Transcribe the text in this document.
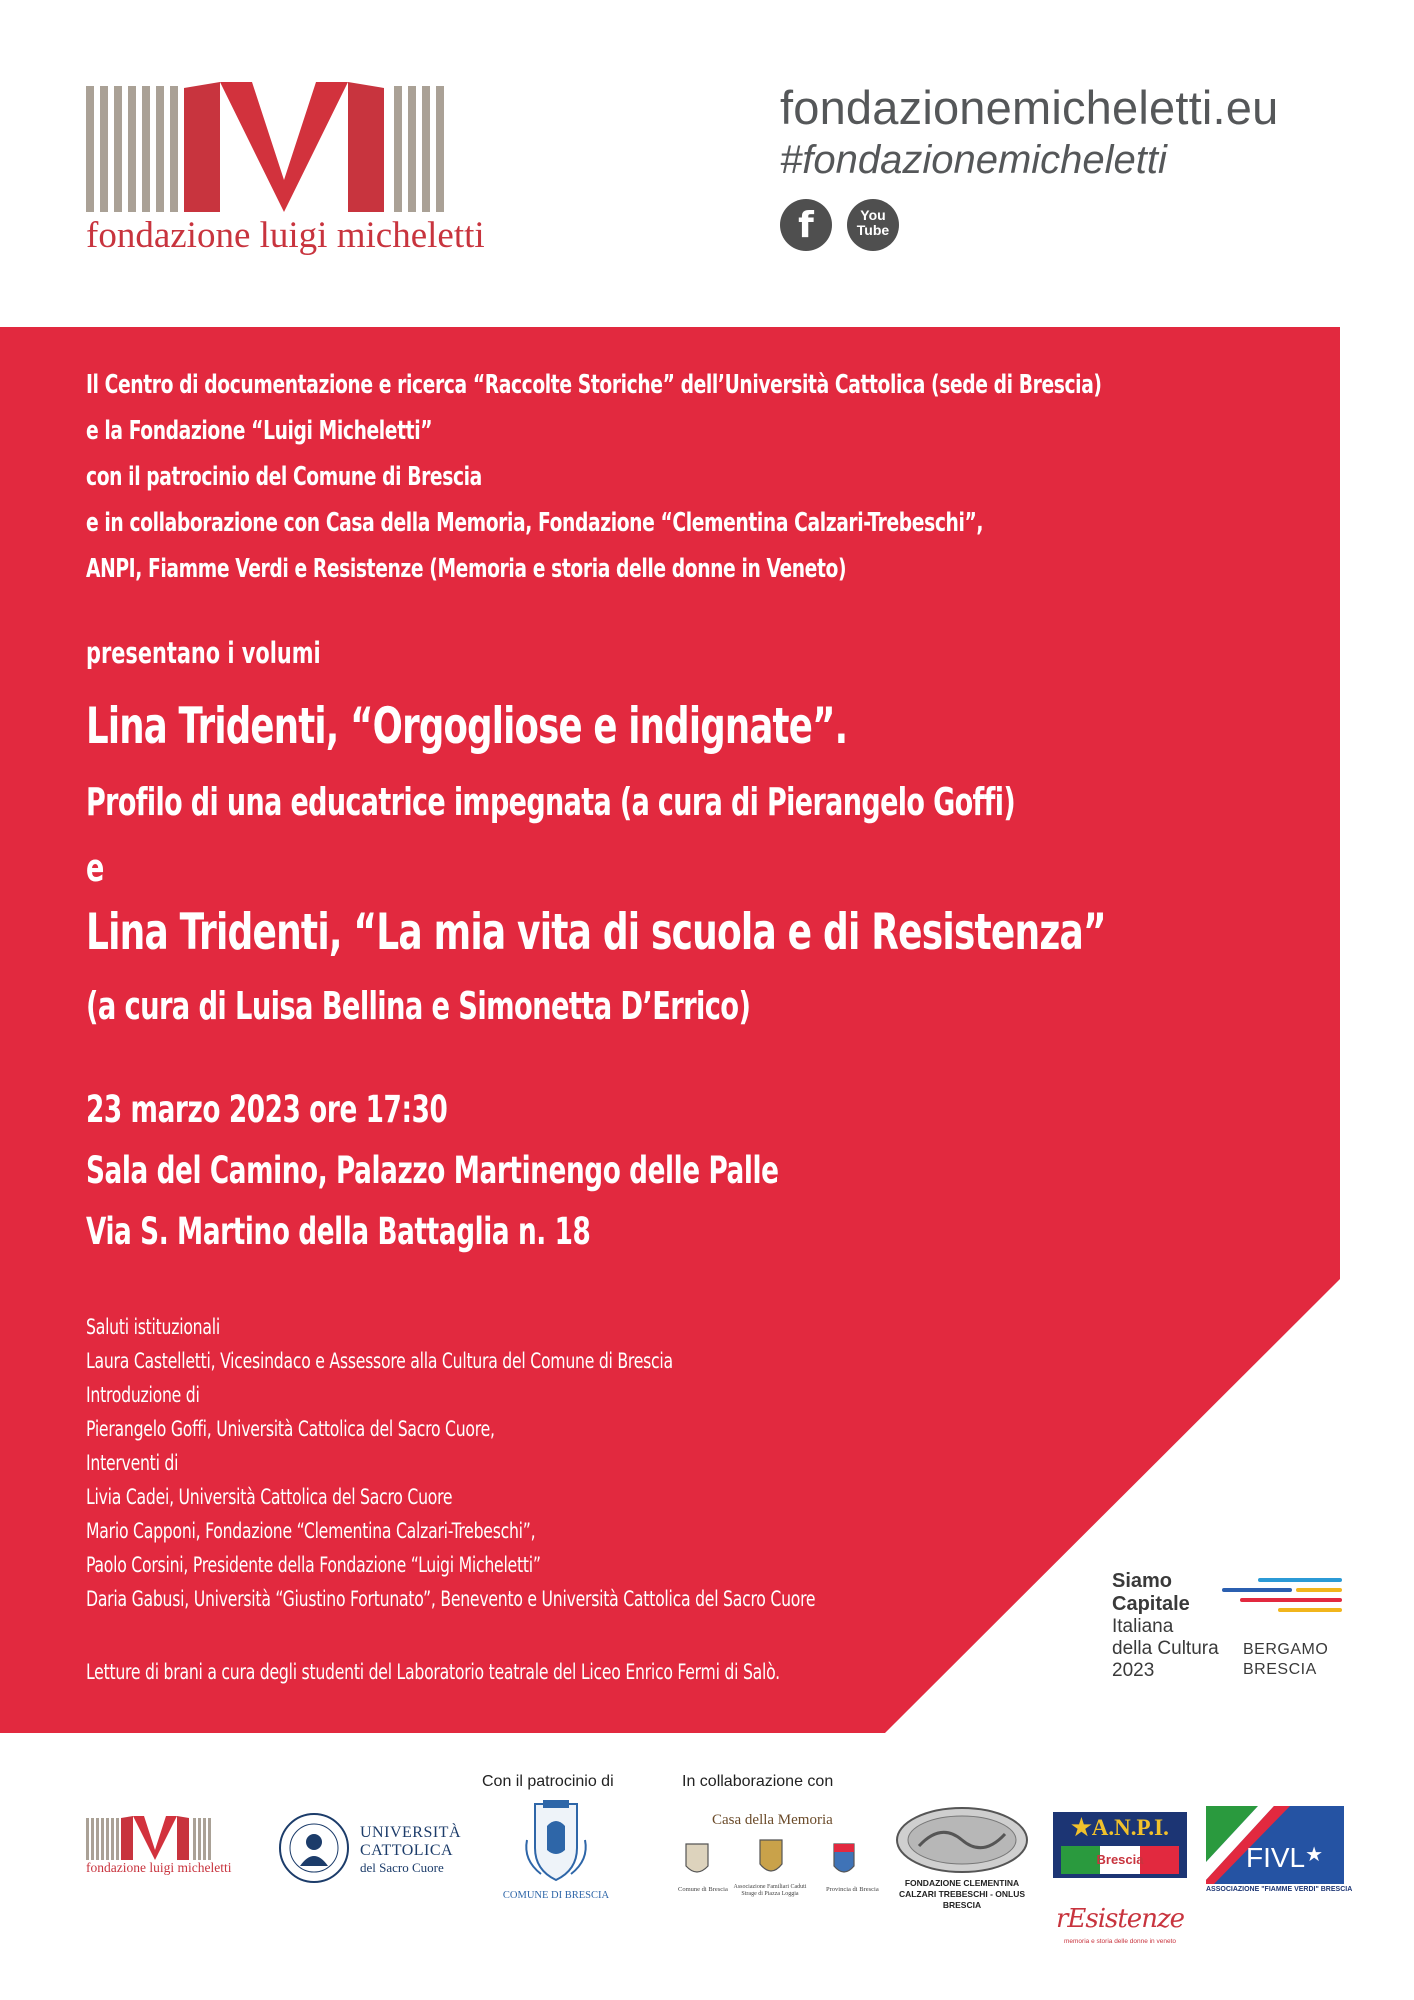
fondazione luigi micheletti
fondazionemicheletti.eu
#fondazionemicheletti
f	You
Tube
Il Centro di documentazione e ricerca “Raccolte Storiche” dell’Università Cattolica (sede di Brescia)
e la Fondazione “Luigi Micheletti”
con il patrocinio del Comune di Brescia
e in collaborazione con Casa della Memoria, Fondazione “Clementina Calzari-Trebeschi”,
ANPI, Fiamme Verdi e Resistenze (Memoria e storia delle donne in Veneto)
presentano i volumi
Lina Tridenti, “Orgogliose e indignate”.
Profilo di una educatrice impegnata (a cura di Pierangelo Goffi)
e
Lina Tridenti, “La mia vita di scuola e di Resistenza”
(a cura di Luisa Bellina e Simonetta D’Errico)
23 marzo 2023 ore 17:30
Sala del Camino, Palazzo Martinengo delle Palle
Via S. Martino della Battaglia n. 18
Saluti istituzionali
Laura Castelletti, Vicesindaco e Assessore alla Cultura del Comune di Brescia
Introduzione di
Pierangelo Goffi, Università Cattolica del Sacro Cuore,
Interventi di
Livia Cadei, Università Cattolica del Sacro Cuore
Mario Capponi, Fondazione “Clementina Calzari-Trebeschi”,
Paolo Corsini, Presidente della Fondazione “Luigi Micheletti”
Daria Gabusi, Università “Giustino Fortunato”, Benevento e Università Cattolica del Sacro Cuore
Letture di brani a cura degli studenti del Laboratorio teatrale del Liceo Enrico Fermi di Salò.
Siamo
Capitale
Italiana
della Cultura
2023
BERGAMO
BRESCIA
Con il patrocinio di	In collaborazione con
fondazione luigi micheletti
UNIVERSITÀ
CATTOLICA
del Sacro Cuore
COMUNE DI BRESCIA
Casa della Memoria
Comune di Brescia Associazione Familiari Caduti Strage di Piazza Loggia
Provincia di Brescia
FONDAZIONE CLEMENTINA
CALZARI TREBESCHI - ONLUS
BRESCIA
★A.N.P.I.
Brescia
rEsistenze
memoria e storia delle donne in veneto
FIVL★
ASSOCIAZIONE "FIAMME VERDI" BRESCIA
